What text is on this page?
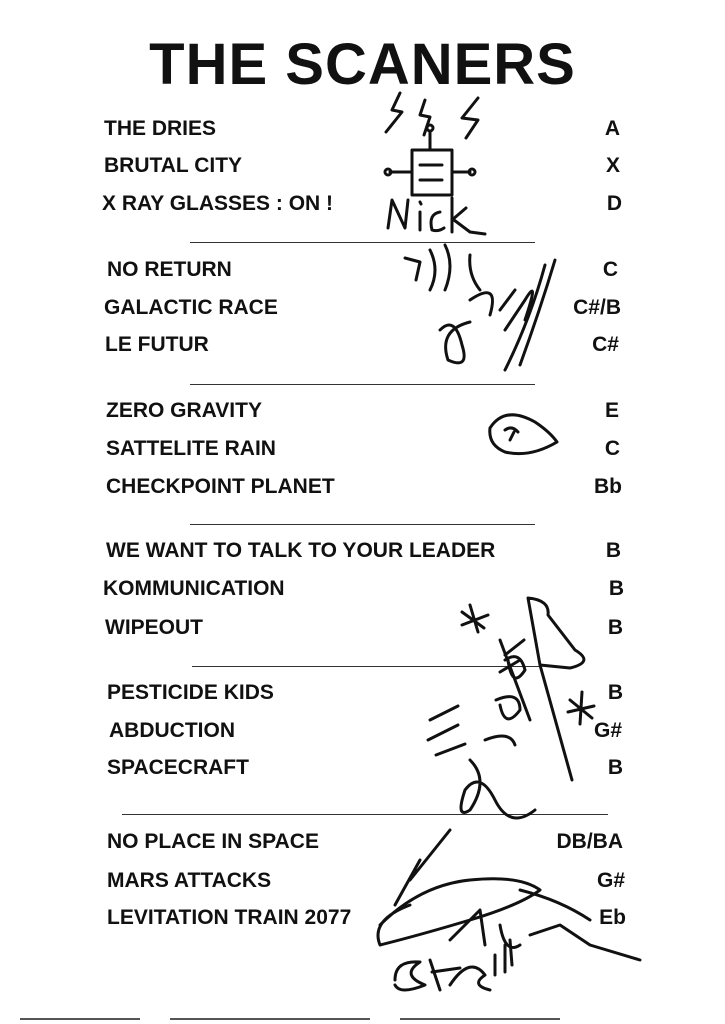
THE SCANERS
THE DRIES	A
BRUTAL CITY	X
X RAY GLASSES : ON !	D
NO RETURN	C
GALACTIC RACE	C#/B
LE FUTUR	C#
ZERO GRAVITY	E
SATTELITE RAIN	C
CHECKPOINT PLANET	Bb
WE WANT TO TALK TO YOUR LEADER	B
KOMMUNICATION	B
WIPEOUT	B
PESTICIDE KIDS	B
ABDUCTION	G#
SPACECRAFT	B
NO PLACE IN SPACE	DB/BA
MARS ATTACKS	G#
LEVITATION TRAIN 2077	Eb
